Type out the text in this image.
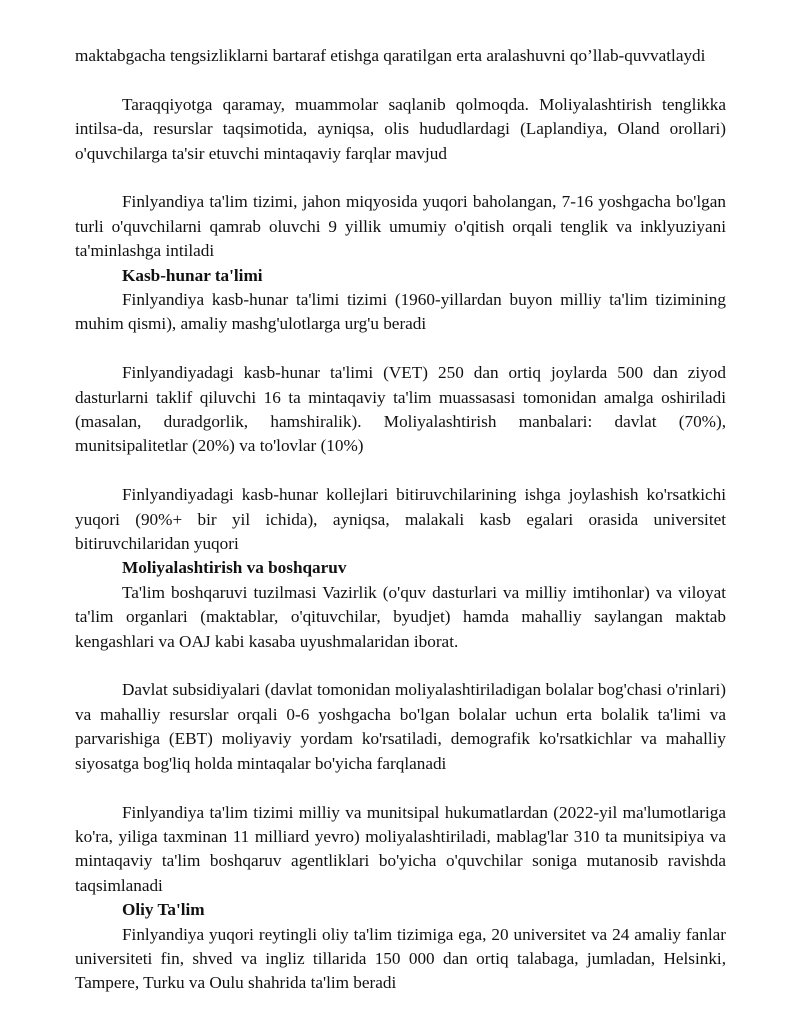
maktabgacha tengsizliklarni bartaraf etishga qaratilgan erta aralashuvni qo’llab-quvvatlaydi

Taraqqiyotga qaramay, muammolar saqlanib qolmoqda. Moliyalashtirish tenglikka intilsa-da, resurslar taqsimotida, ayniqsa, olis hududlardagi (Laplandiya, Oland orollari) o'quvchilarga ta'sir etuvchi mintaqaviy farqlar mavjud

Finlyandiya ta'lim tizimi, jahon miqyosida yuqori baholangan, 7-16 yoshgacha bo'lgan turli o'quvchilarni qamrab oluvchi 9 yillik umumiy o'qitish orqali tenglik va inklyuziyani ta'minlashga intiladi

Kasb-hunar ta'limi

Finlyandiya kasb-hunar ta'limi tizimi (1960-yillardan buyon milliy ta'lim tizimining muhim qismi), amaliy mashg'ulotlarga urg'u beradi

Finlyandiyadagi kasb-hunar ta'limi (VET) 250 dan ortiq joylarda 500 dan ziyod dasturlarni taklif qiluvchi 16 ta mintaqaviy ta'lim muassasasi tomonidan amalga oshiriladi (masalan, duradgorlik, hamshiralik). Moliyalashtirish manbalari: davlat (70%), munitsipalitetlar (20%) va to'lovlar (10%)

Finlyandiyadagi kasb-hunar kollejlari bitiruvchilarining ishga joylashish ko'rsatkichi yuqori (90%+ bir yil ichida), ayniqsa, malakali kasb egalari orasida universitet bitiruvchilaridan yuqori

Moliyalashtirish va boshqaruv

Ta'lim boshqaruvi tuzilmasi Vazirlik (o'quv dasturlari va milliy imtihonlar) va viloyat ta'lim organlari (maktablar, o'qituvchilar, byudjet) hamda mahalliy saylangan maktab kengashlari va OAJ kabi kasaba uyushmalaridan iborat.

Davlat subsidiyalari (davlat tomonidan moliyalashtiriladigan bolalar bog'chasi o'rinlari) va mahalliy resurslar orqali 0-6 yoshgacha bo'lgan bolalar uchun erta bolalik ta'limi va parvarishiga (EBT) moliyaviy yordam ko'rsatiladi, demografik ko'rsatkichlar va mahalliy siyosatga bog'liq holda mintaqalar bo'yicha farqlanadi

Finlyandiya ta'lim tizimi milliy va munitsipal hukumatlardan (2022-yil ma'lumotlariga ko'ra, yiliga taxminan 11 milliard yevro) moliyalashtiriladi, mablag'lar 310 ta munitsipiya va mintaqaviy ta'lim boshqaruv agentliklari bo'yicha o'quvchilar soniga mutanosib ravishda taqsimlanadi

Oliy Ta'lim

Finlyandiya yuqori reytingli oliy ta'lim tizimiga ega, 20 universitet va 24 amaliy fanlar universiteti fin, shved va ingliz tillarida 150 000 dan ortiq talabaga, jumladan, Helsinki, Tampere, Turku va Oulu shahrida ta'lim beradi
